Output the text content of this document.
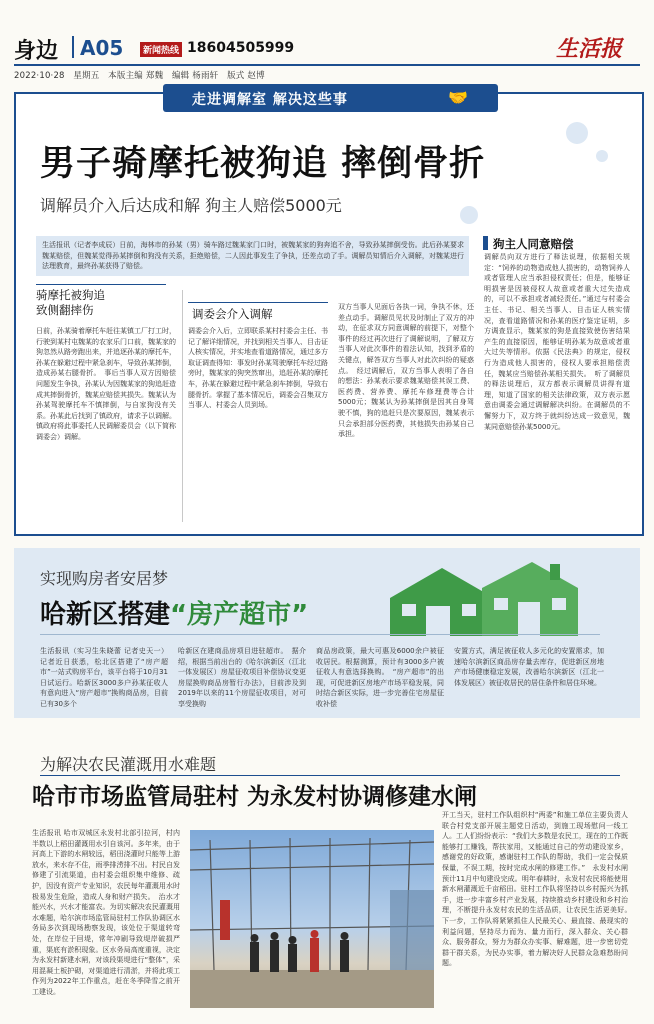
身边 A05	新闻热线 18604505999	生活报
2022·10·28　星期五　本版主编 郑魏　编辑 杨雨轩　版式 赵博
走进调解室 解决这些事	🤝
男子骑摩托被狗追 摔倒骨折
调解员介入后达成和解 狗主人赔偿5000元
生活报讯（记者李成辰）日前，海林市的孙某（男）骑车路过魏某家门口时，被魏某家的狗奔追不舍，导致孙某摔倒受伤。此后孙某要求魏某赔偿，但魏某觉得孙某摔倒和狗没有关系，拒绝赔偿，二人因此事发生了争执，还差点动了手。调解员知情后介入调解，对魏某进行法理教育，最终孙某获得了赔偿。
狗主人同意赔偿
调解员向双方进行了释法说理，依据相关规定：“饲养的动物造成他人损害的，动物饲养人或者管理人应当承担侵权责任；但是，能够证明损害是因被侵权人故意或者重大过失造成的，可以不承担或者减轻责任。”通过与村委会主任、书记、相关当事人、目击证人核实情况，查看道路情况和孙某的医疗鉴定证明，多方调查显示，魏某家的狗是直接致使伤害结果产生的直接原因，能够证明孙某为故意或者重大过失等情形。依据《民法典》的规定，侵权行为造成他人损害的，侵权人要承担赔偿责任，魏某应当赔偿孙某相关损失。　听了调解员的释法说理后，双方都表示调解员讲得有道理，知道了国家的相关法律政策，双方表示愿意由调委会通过调解解决纠纷。在调解员的不懈努力下，双方终于就纠纷达成一致意见，魏某同意赔偿孙某5000元。
骑摩托被狗追
致侧翻摔伤
日前，孙某骑着摩托车赶往某镇工厂打工时，行驶到某村屯魏某的农家乐门口前，魏某家的狗忽然从路旁跑出来，并追逐孙某的摩托车，孙某在躲避过程中紧急刹车，导致孙某摔倒，造成孙某右腿骨折。　事后当事人双方因赔偿问题发生争执，孙某认为因魏某家的狗追赶造成其摔倒骨折，魏某应赔偿其损失。魏某认为孙某驾驶摩托车不慎摔倒，与自家狗没有关系。孙某此后找到了镇政府，请求予以调解。镇政府将此事委托人民调解委员会（以下简称调委会）调解。
调委会介入调解
调委会介入后，立即联系某村村委会主任、书记了解详细情况，并找到相关当事人、目击证人核实情况，并实地查看道路情况，通过多方取证调查得知：事发时孙某驾驶摩托车经过路旁时，魏某家的狗突然窜出，追赶孙某的摩托车，孙某在躲避过程中紧急刹车摔倒，导致右腿骨折。掌握了基本情况后，调委会召集双方当事人、村委会人员到场。
双方当事人见面后各执一词，争执不休，还差点动手。调解员见状及时制止了双方的冲动，在征求双方同意调解的前提下，对整个事件的经过再次进行了调解说明，了解双方当事人对此次事件的看法认知，找到矛盾的关键点，解答双方当事人对此次纠纷的疑惑点。　经过调解后，双方当事人表明了各自的想法：孙某表示要求魏某赔偿其误工费、医药费、营养费、摩托车修理费等合计5000元；魏某认为孙某摔倒是因其自身驾驶不慎，狗的追赶只是次要原因，魏某表示只会承担部分医药费，其他损失由孙某自己承担。
实现购房者安居梦
哈新区搭建“房产超市”
生活报讯（实习生朱晓蕾 记者史天一）记者近日获悉，松北区搭建了“房产超市”一站式购房平台，该平台将于10月31日试运行。哈新区3000多户孙某征收人有意向进入“房产超市”换购商品房，目前已有30多个
哈新区在建商品房项目进驻超市。　据介绍，根据当前出台的《哈尔滨新区（江北一体发展区）房屋征收项目补偿协议变更房屋换购商品房暂行办法》，目前涉及到2019年以来的11个房屋征收项目，对可享受换购
商品房政策，最大可惠及6000余户被征收居民。根据测算，预计有3000多户被征收人有意选择换购。　“房产超市”的出现，可促进新区房地产市场平稳发展，同时结合新区实际，进一步完善住宅房屋征收补偿
安置方式，满足被征收人多元化的安置需求，加速哈尔滨新区商品房存量去库存，促进新区房地产市场健康稳定发展，改善哈尔滨新区（江北一体发展区）被征收居民的居住条件和居住环境。
为解决农民灌溉用水难题
哈市市场监管局驻村 为永发村协调修建水闸
生活报讯 哈市双城区永发村北部引拉河，村内半数以上稻田灌溉用水引自该河。多年来，由于河高上下游的水闸较远，稻田浇灌时只能等上游放水，来水存不住，雨季排涝排不出。村民自发修建了引流渠道，由村委会组织集中维修、疏护，因没有资产专业知识，农民每年灌溉用水时极易发生危险，造成人身和财产损失。　治水才能兴水，兴水才能富农。为切实解决农民灌溉用水难题，哈尔滨市场监管局驻村工作队协调区水务局多次到现场勘察发现，该处位于渠道转弯处，在岸位于回堤，常年冲刷导致堤岸破损严重，渠底有淤积现象。区水务局高度重视，决定为永发村新建水闸，对该段渠堤进行“整体”，采用混凝土板护砌，对渠道进行清淤，并将此项工作列为2022年工作重点，赶在冬季降雪之前开工建设。
开工当天，驻村工作队组织村“两委”和施工单位主要负责人联合村党支部开展主题党日活动，到施工现场慰问一线工人。工人们纷纷表示：“我们大多数是农民工，现在的工作既能够打工赚钱，帮扶家用，又能通过自己的劳动建设家乡，感谢党的好政策，感谢驻村工作队的帮助，我们一定会保质保量，不误工期，按时完成水闸的修建工作。”　永发村水闸预计11月中旬建设完成。明年春耕时，永发村农民将能使用新水闸灌溉近千亩稻田。驻村工作队将坚持以乡村振兴为抓手，进一步丰富乡村产业发展，持续推动乡村建设和乡村治理，不断提升永发村农民的生活品质，让农民生活更美好。　下一步，工作队将紧紧抓住人民最关心、最直接、最现实的利益问题，坚持尽力而为、量力而行，深入群众、关心群众、服务群众，努力为群众办实事、解难题，进一步密切党群干群关系，为民办实事，着力解决好人民群众急难愁盼问题。
